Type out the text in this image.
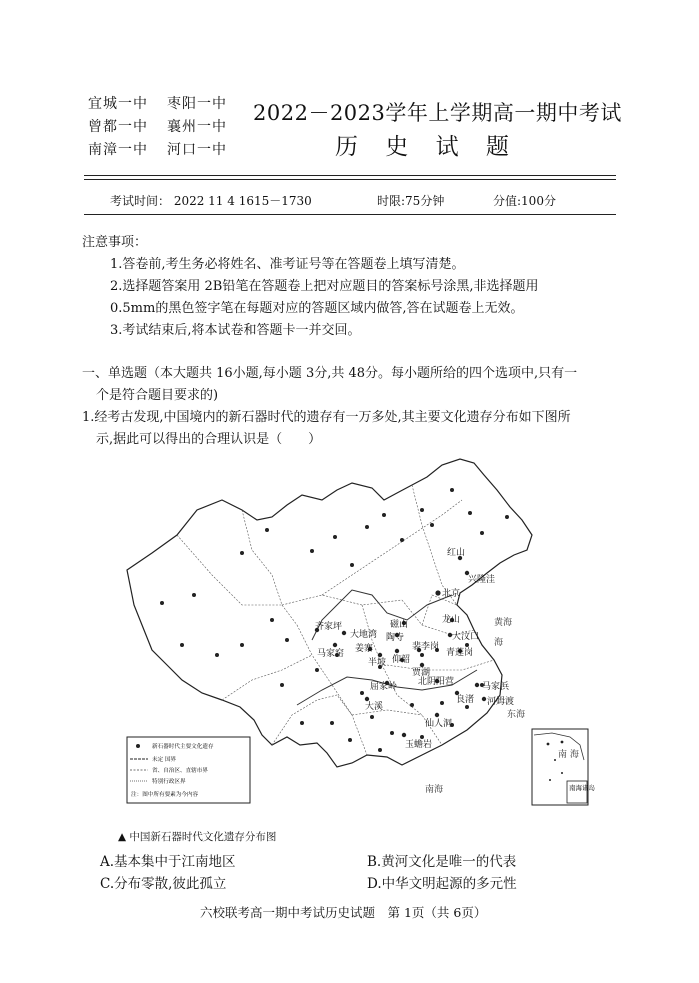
宜城一中 枣阳一中
曾都一中 襄州一中
南漳一中 河口一中
2022－2023学年上学期高一期中考试
历 史 试 题
考试时间： 2022 11 4 1615－1730	时限:75分钟	分值:100分
注意事项：
1.答卷前,考生务必将姓名、准考证号等在答题卷上填写清楚。
2.选择题答案用 2B铅笔在答题卷上把对应题目的答案标号涂黑,非选择题用
0.5mm的黑色签字笔在每题对应的答题区域内做答,答在试题卷上无效。
3.考试结束后,将本试卷和答题卡一并交回。
一、单选题（本大题共 16小题,每小题 3分,共 48分。每小题所给的四个选项中,只有一
个是符合题目要求的)
1.经考古发现,中国境内的新石器时代的遗存有一万多处,其主要文化遗存分布如下图所
示,据此可以得出的合理认识是（　　）
红山
兴隆洼
北京
龙山
大汶口
齐家坪
大地湾
磁山
陶寺
马家窑 姜寨
半坡 仰韶
裴李岗
贾湖
青莲岗
屈家岭 北阴阳营
良渚
马家浜
河姆渡
大溪
仙人洞
玉蟾岩
黄海
海
东海
南海
新石器时代主要文化遗存
未定 国界
省、自治区、直辖市界
特别行政区界
注：图中所有要素为今内容
南 海
南海诸岛
▲ 中国新石器时代文化遗存分布图
A.基本集中于江南地区	B.黄河文化是唯一的代表
C.分布零散,彼此孤立	D.中华文明起源的多元性
六校联考高一期中考试历史试题　第 1页（共 6页）
